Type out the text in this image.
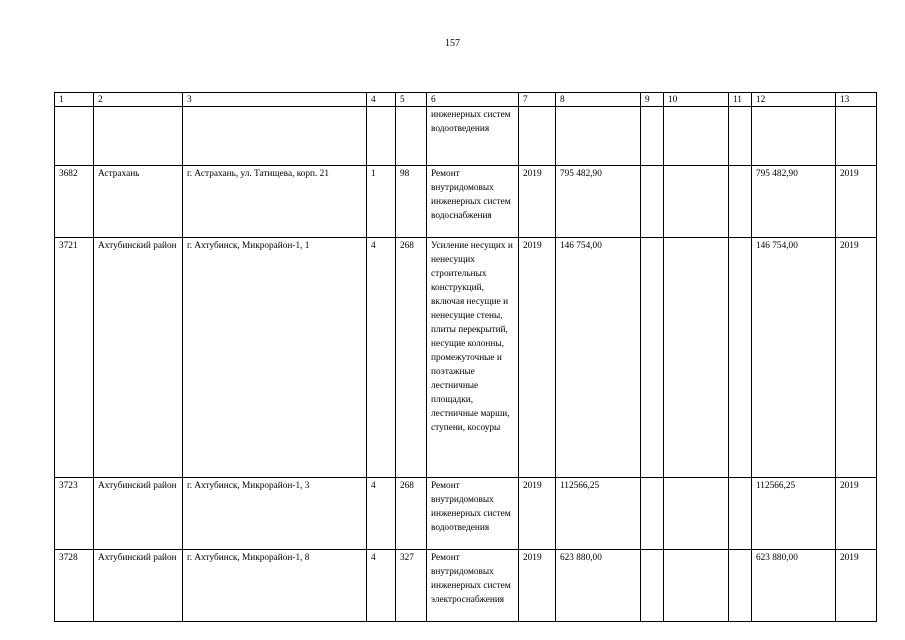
157
1	2	3	4	5	6	7	8	9	10	11	12	13
					инженерных систем водоотведения							
3682	Астрахань	г. Астрахань, ул. Татищева, корп. 21	1	98	Ремонт внутридомовых инженерных систем водоснабжения	2019	795 482,90				795 482,90	2019
3721	Ахтубинский район	г. Ахтубинск, Микрорайон-1, 1	4	268	Усиление несущих и ненесущих строительных конструкций, включая несущие и ненесущие стены, плиты перекрытий, несущие колонны, промежуточные и поэтажные лестничные площадки, лестничные марши, ступени, косоуры	2019	146 754,00				146 754,00	2019
3723	Ахтубинский район	г. Ахтубинск, Микрорайон-1, 3	4	268	Ремонт внутридомовых инженерных систем водоотведения	2019	112566,25				112566,25	2019
3728	Ахтубинский район	г. Ахтубинск, Микрорайон-1, 8	4	327	Ремонт внутридомовых инженерных систем электроснабжения	2019	623 880,00				623 880,00	2019
